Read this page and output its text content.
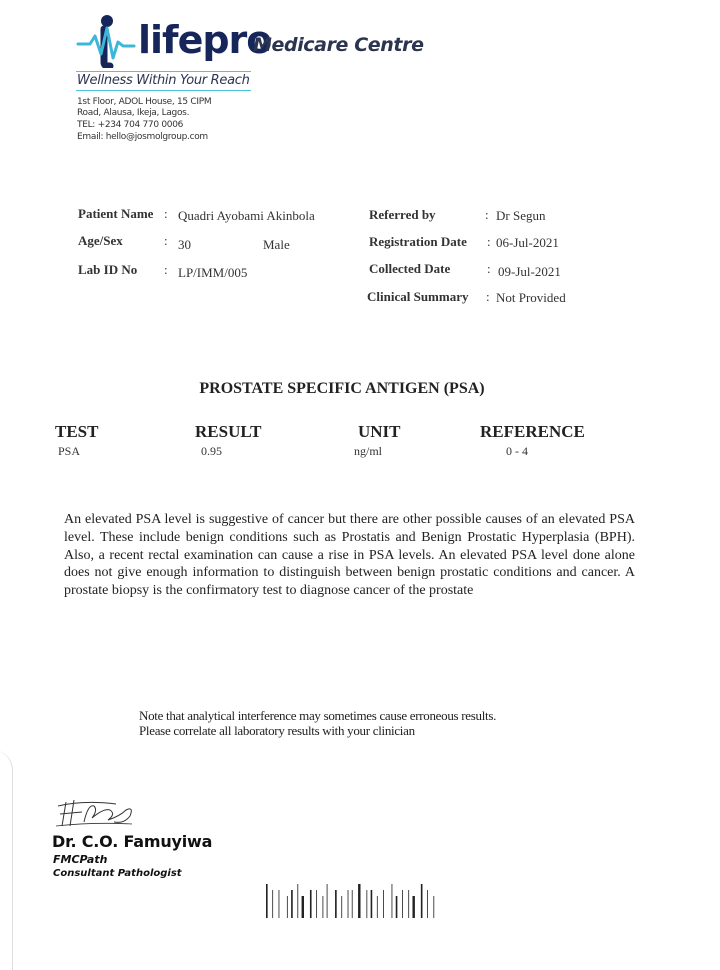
lifepro
Medicare Centre
Wellness Within Your Reach
1st Floor, ADOL House, 15 CIPM
Road, Alausa, Ikeja, Lagos.
TEL: +234 704 770 0006
Email: hello@josmolgroup.com
Patient Name : Quadri Ayobami Akinbola
Age/Sex	: 30	Male
Lab ID No : LP/IMM/005
Referred by	: Dr Segun
Registration Date : 06-Jul-2021
Collected Date	: 09-Jul-2021
Clinical Summary : Not Provided
PROSTATE SPECIFIC ANTIGEN (PSA)
TEST	RESULT	UNIT	REFERENCE
PSA	0.95	ng/ml	0 - 4
An elevated PSA level is suggestive of cancer but there are other possible causes of an elevated PSA level. These include benign conditions such as Prostatis and Benign Prostatic Hyperplasia (BPH). Also, a recent rectal examination can cause a rise in PSA levels. An elevated PSA level done alone does not give enough information to distinguish between benign prostatic conditions and cancer. A prostate biopsy is the confirmatory test to diagnose cancer of the prostate
Note that analytical interference may sometimes cause erroneous results.
Please correlate all laboratory results with your clinician
Dr. C.O. Famuyiwa
FMCPath
Consultant Pathologist
